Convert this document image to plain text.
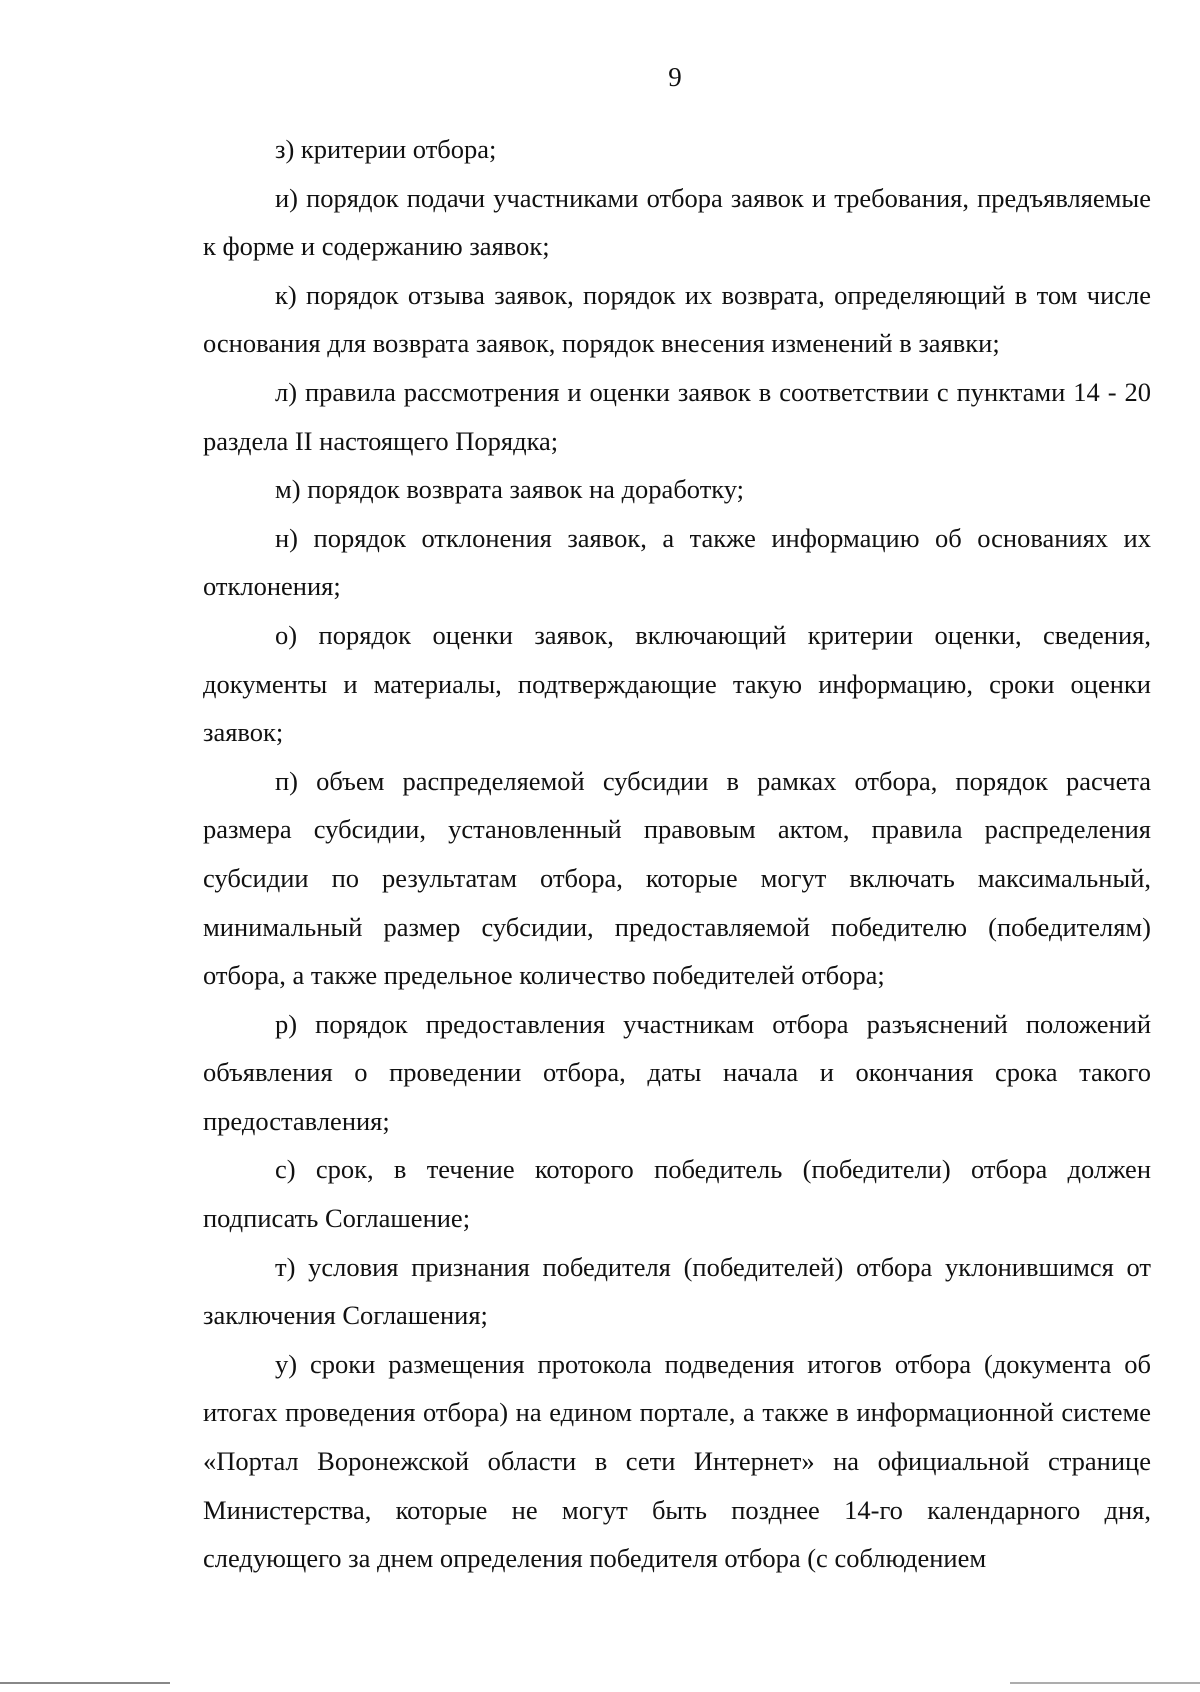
9

з) критерии отбора;

и) порядок подачи участниками отбора заявок и требования, предъявляемые к форме и содержанию заявок;

к) порядок отзыва заявок, порядок их возврата, определяющий в том числе основания для возврата заявок, порядок внесения изменений в заявки;

л) правила рассмотрения и оценки заявок в соответствии с пунктами 14 - 20 раздела II настоящего Порядка;

м) порядок возврата заявок на доработку;

н) порядок отклонения заявок, а также информацию об основаниях их отклонения;

о) порядок оценки заявок, включающий критерии оценки, сведения, документы и материалы, подтверждающие такую информацию, сроки оценки заявок;

п) объем распределяемой субсидии в рамках отбора, порядок расчета размера субсидии, установленный правовым актом, правила распределения субсидии по результатам отбора, которые могут включать максимальный, минимальный размер субсидии, предоставляемой победителю (победителям) отбора, а также предельное количество победителей отбора;

р) порядок предоставления участникам отбора разъяснений положений объявления о проведении отбора, даты начала и окончания срока такого предоставления;

с) срок, в течение которого победитель (победители) отбора должен подписать Соглашение;

т) условия признания победителя (победителей) отбора уклонившимся от заключения Соглашения;

у) сроки размещения протокола подведения итогов отбора (документа об итогах проведения отбора) на едином портале, а также в информационной системе «Портал Воронежской области в сети Интернет» на официальной странице Министерства, которые не могут быть позднее 14-го календарного дня, следующего за днем определения победителя отбора (с соблюдением
